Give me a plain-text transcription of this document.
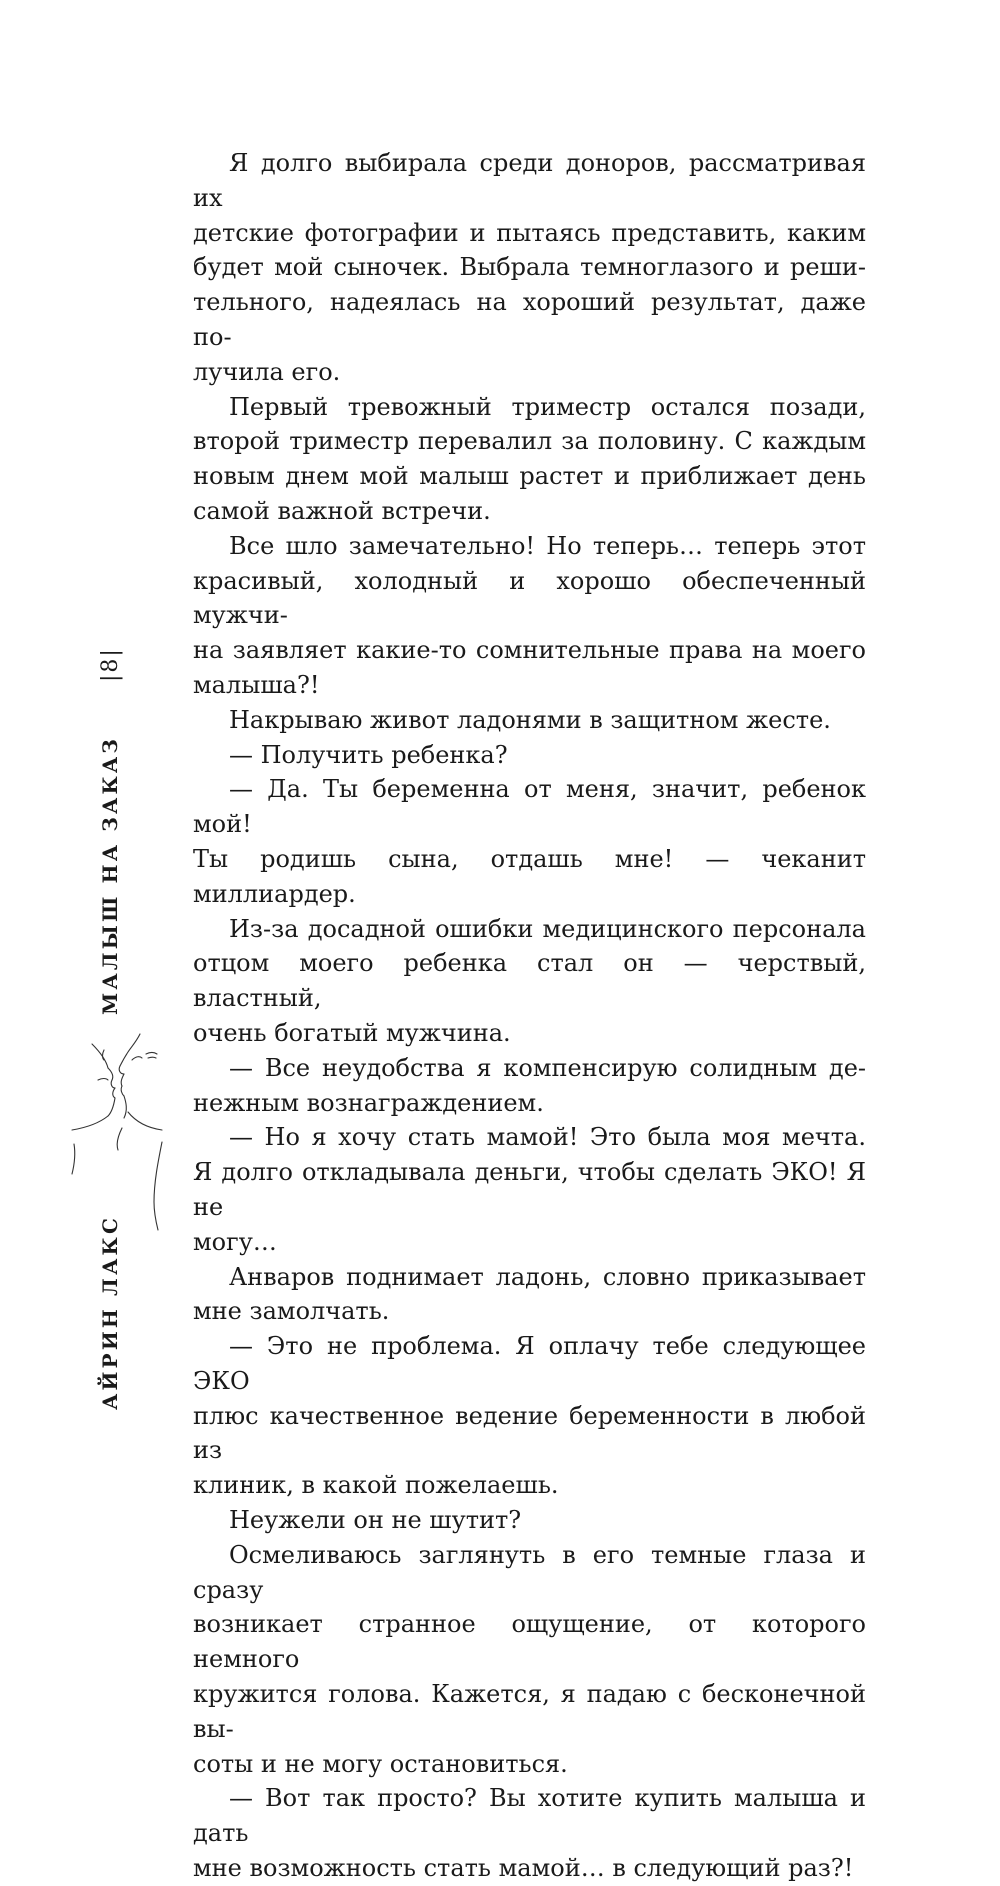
|8|
МАЛЫШ НА ЗАКАЗ
АЙРИН ЛАКС
Я долго выбирала среди доноров, рассматривая их
детские фотографии и пытаясь представить, каким
будет мой сыночек. Выбрала темноглазого и реши-
тельного, надеялась на хороший результат, даже по-
лучила его.
Первый тревожный триместр остался позади,
второй триместр перевалил за половину. С каждым
новым днем мой малыш растет и приближает день
самой важной встречи.
Все шло замечательно! Но теперь… теперь этот
красивый, холодный и хорошо обеспеченный мужчи-
на заявляет какие-то сомнительные права на моего
малыша?!
Накрываю живот ладонями в защитном жесте.
— Получить ребенка?
— Да. Ты беременна от меня, значит, ребенок мой!
Ты родишь сына, отдашь мне! — чеканит миллиардер.
Из-за досадной ошибки медицинского персонала
отцом моего ребенка стал он — черствый, властный,
очень богатый мужчина.
— Все неудобства я компенсирую солидным де-
нежным вознаграждением.
— Но я хочу стать мамой! Это была моя мечта.
Я долго откладывала деньги, чтобы сделать ЭКО! Я не
могу…
Анваров поднимает ладонь, словно приказывает
мне замолчать.
— Это не проблема. Я оплачу тебе следующее ЭКО
плюс качественное ведение беременности в любой из
клиник, в какой пожелаешь.
Неужели он не шутит?
Осмеливаюсь заглянуть в его темные глаза и сразу
возникает странное ощущение, от которого немного
кружится голова. Кажется, я падаю с бесконечной вы-
соты и не могу остановиться.
— Вот так просто? Вы хотите купить малыша и дать
мне возможность стать мамой… в следующий раз?!
